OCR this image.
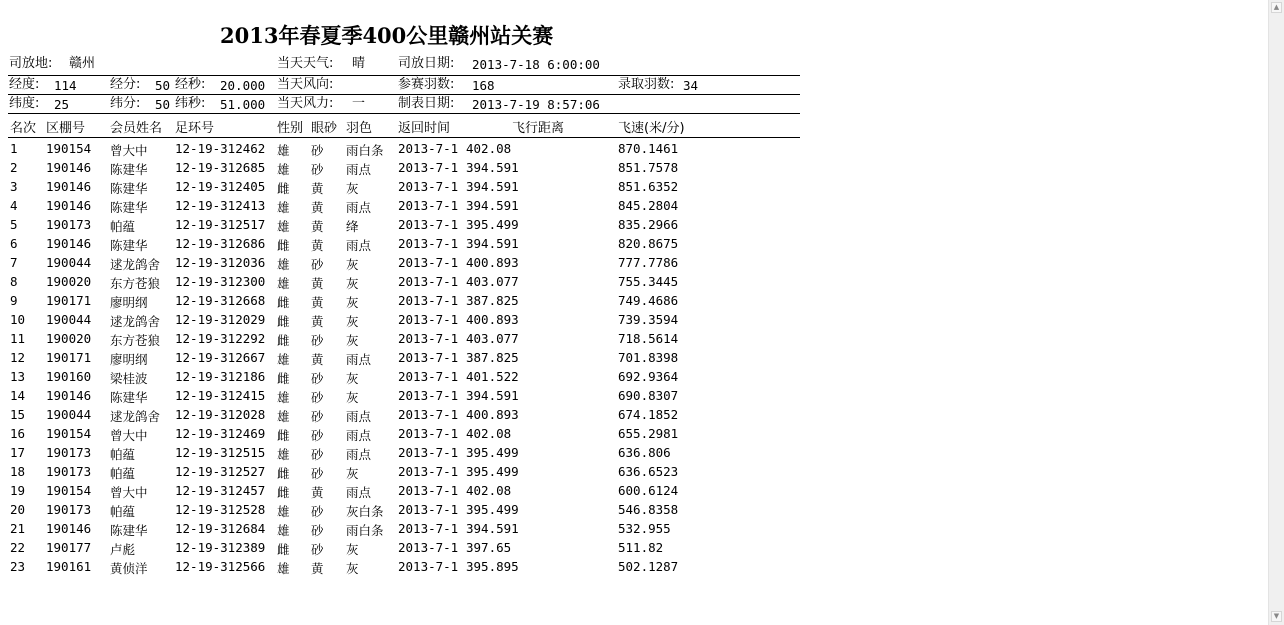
2013年春夏季400公里赣州站关赛
司放地: 赣州	当天天气: 晴	司放日期: 2013-7-18 6:00:00
经度: 114	经分: 50 经秒: 20.000 当天风向:	参赛羽数: 168	录取羽数: 34
纬度: 25	纬分: 50 纬秒: 51.000 当天风力: 一	制表日期: 2013-7-19 8:57:06
名次 区棚号 会员姓名 足环号	性别 眼砂 羽色 返回时间	飞行距离	飞速(米/分)
1 190154 曾大中 12-19-312462 雄 砂 雨白条 2013-7-1 402.08	870.1461
2 190146 陈建华 12-19-312685 雄 砂 雨点 2013-7-1 394.591	851.7578
3 190146 陈建华 12-19-312405 雌 黄 灰	2013-7-1 394.591	851.6352
4 190146 陈建华 12-19-312413 雄 黄 雨点 2013-7-1 394.591	845.2804
5 190173 帕蕴	12-19-312517 雄 黄 绛	2013-7-1 395.499	835.2966
6 190146 陈建华 12-19-312686 雌 黄 雨点 2013-7-1 394.591	820.8675
7 190044 逑龙鸽舍 12-19-312036 雄 砂 灰	2013-7-1 400.893	777.7786
8 190020 东方苍狼 12-19-312300 雄 黄 灰	2013-7-1 403.077	755.3445
9 190171 廖明纲 12-19-312668 雌 黄 灰	2013-7-1 387.825	749.4686
10 190044 逑龙鸽舍 12-19-312029 雌 黄 灰	2013-7-1 400.893	739.3594
11 190020 东方苍狼 12-19-312292 雌 砂 灰	2013-7-1 403.077	718.5614
12 190171 廖明纲 12-19-312667 雄 黄 雨点 2013-7-1 387.825	701.8398
13 190160 梁桂波 12-19-312186 雌 砂 灰	2013-7-1 401.522	692.9364
14 190146 陈建华 12-19-312415 雄 砂 灰	2013-7-1 394.591	690.8307
15 190044 逑龙鸽舍 12-19-312028 雄 砂 雨点 2013-7-1 400.893	674.1852
16 190154 曾大中 12-19-312469 雌 砂 雨点 2013-7-1 402.08	655.2981
17 190173 帕蕴	12-19-312515 雄 砂 雨点 2013-7-1 395.499	636.806
18 190173 帕蕴	12-19-312527 雌 砂 灰	2013-7-1 395.499	636.6523
19 190154 曾大中 12-19-312457 雌 黄 雨点 2013-7-1 402.08	600.6124
20 190173 帕蕴	12-19-312528 雄 砂 灰白条 2013-7-1 395.499	546.8358
21 190146 陈建华 12-19-312684 雄 砂 雨白条 2013-7-1 394.591	532.955
22 190177 卢彪	12-19-312389 雌 砂 灰	2013-7-1 397.65	511.82
23 190161 黄侦洋 12-19-312566 雄 黄 灰	2013-7-1 395.895	502.1287
▲
▼
